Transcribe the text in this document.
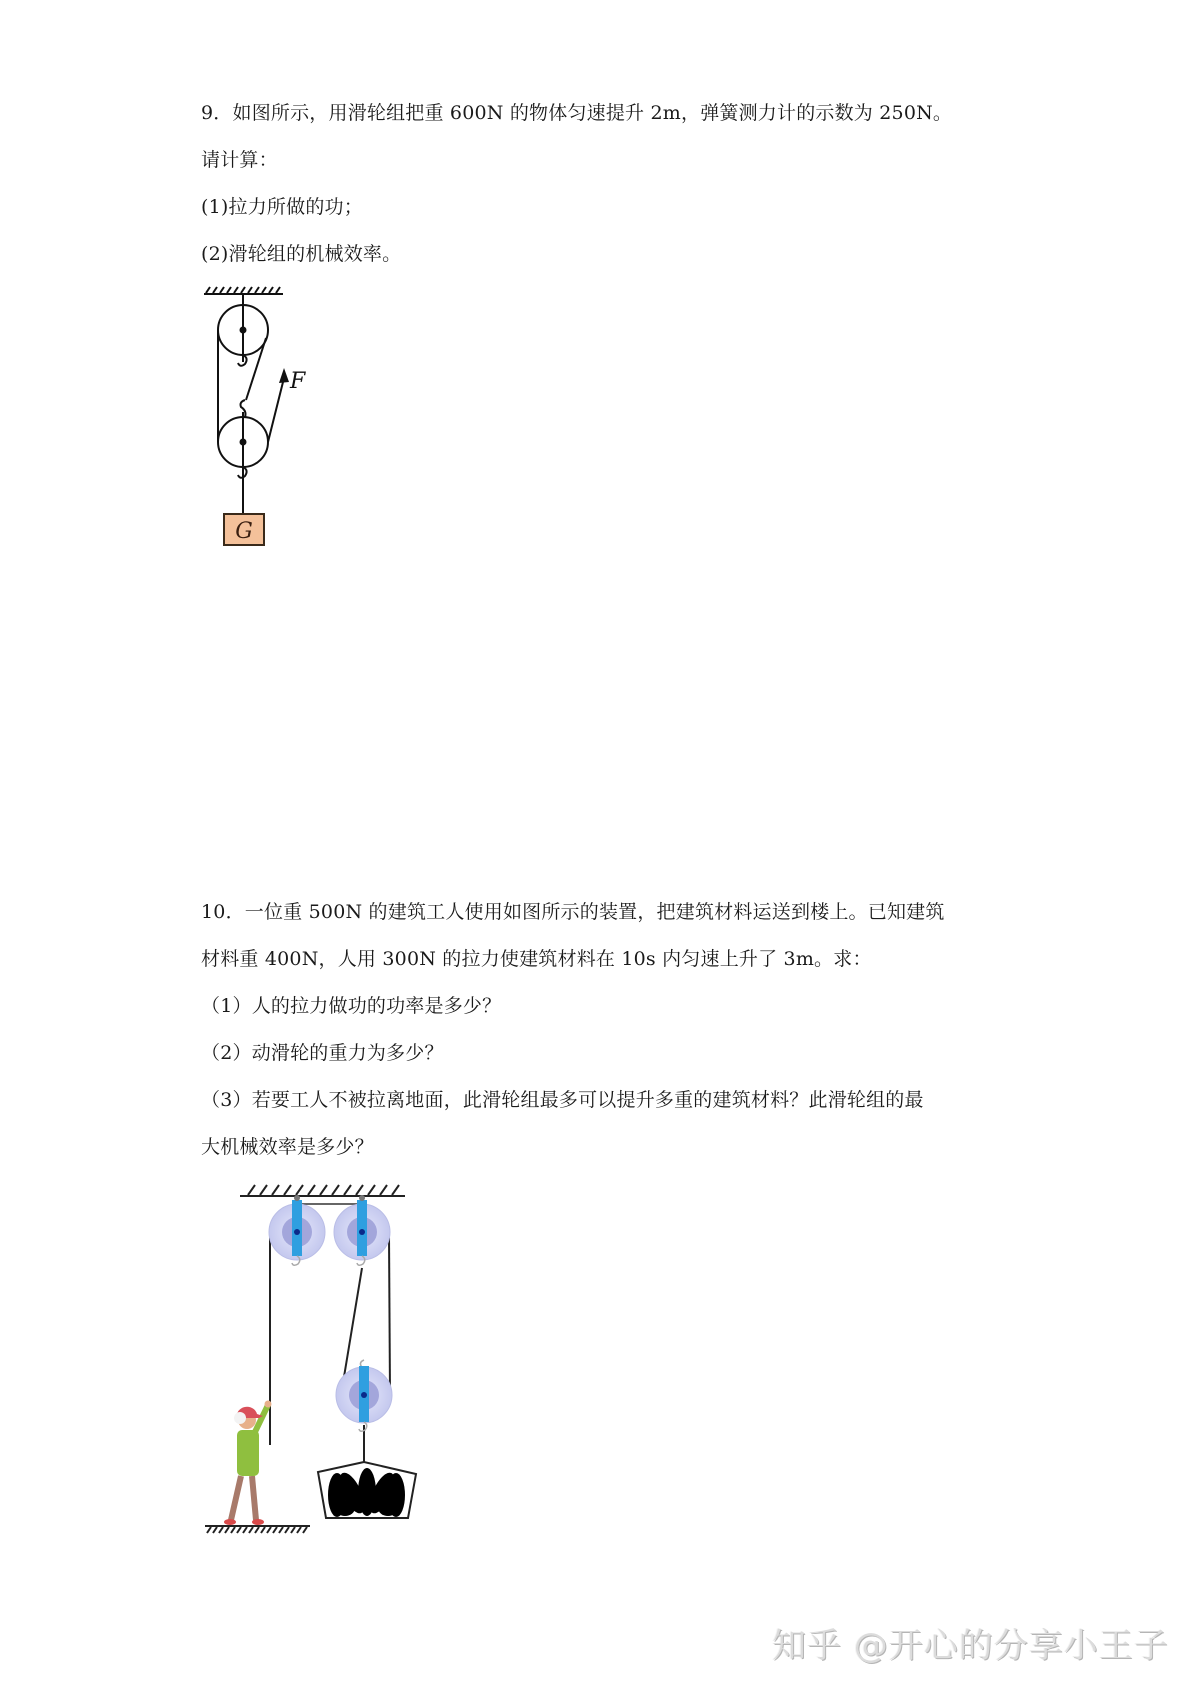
9．如图所示，用滑轮组把重 600N 的物体匀速提升 2m，弹簧测力计的示数为 250N。
请计算：
(1)拉力所做的功；
(2)滑轮组的机械效率。
F
G
10．一位重 500N 的建筑工人使用如图所示的装置，把建筑材料运送到楼上。已知建筑
材料重 400N，人用 300N 的拉力使建筑材料在 10s 内匀速上升了 3m。求：
（1）人的拉力做功的功率是多少？
（2）动滑轮的重力为多少？
（3）若要工人不被拉离地面，此滑轮组最多可以提升多重的建筑材料？此滑轮组的最
大机械效率是多少？
知乎 @开心的分享小王子
